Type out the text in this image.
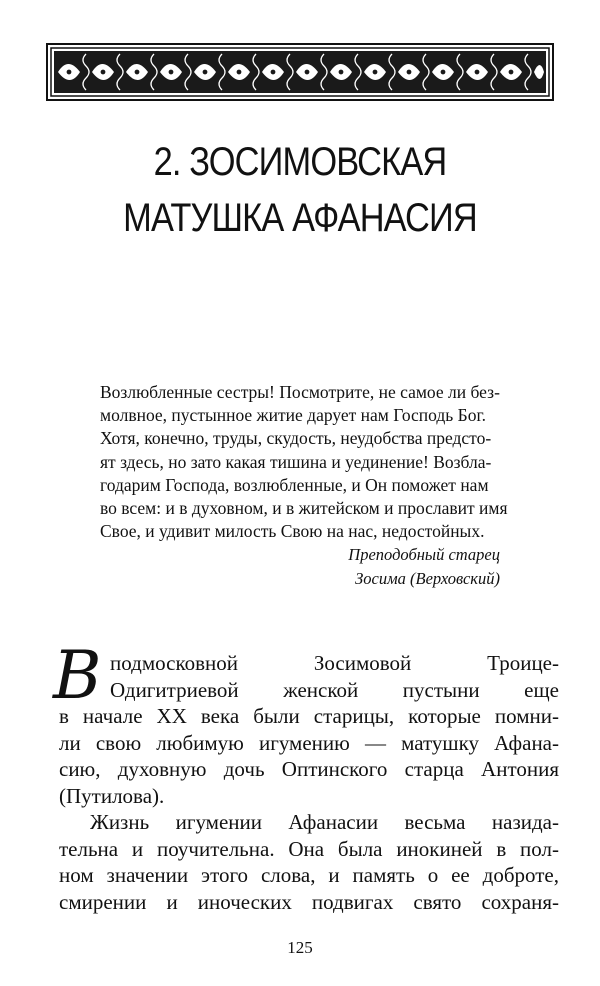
2. ЗОСИМОВСКАЯ
МАТУШКА АФАНАСИЯ
Возлюбленные сестры! Посмотрите, не самое ли без-
молвное, пустынное житие дарует нам Господь Бог.
Хотя, конечно, труды, скудость, неудобства предсто-
ят здесь, но зато какая тишина и уединение! Возбла-
годарим Господа, возлюбленные, и Он поможет нам
во всем: и в духовном, и в житейском и прославит имя
Свое, и удивит милость Свою на нас, недостойных.
Преподобный старец
Зосима (Верховский)
В подмосковной Зосимовой Троице-
Одигитриевой женской пустыни еще
в начале XX века были старицы, которые помни-
ли свою любимую игумению — матушку Афана-
сию, духовную дочь Оптинского старца Антония
(Путилова).
Жизнь игумении Афанасии весьма назида-
тельна и поучительна. Она была инокиней в пол-
ном значении этого слова, и память о ее доброте,
смирении и иноческих подвигах свято сохраня-
125
